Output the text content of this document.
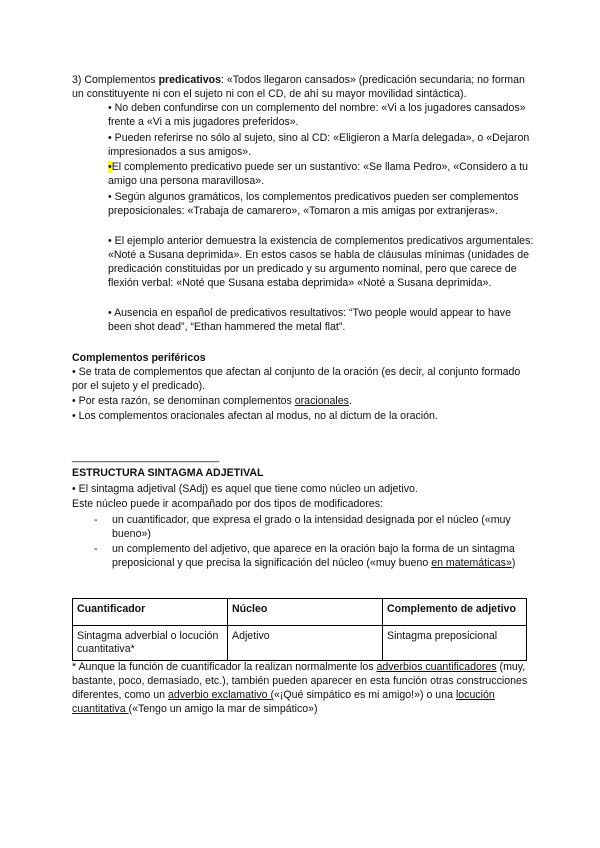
3) Complementos predicativos: «Todos llegaron cansados» (predicación secundaria; no forman un constituyente ni con el sujeto ni con el CD, de ahí su mayor movilidad sintáctica).

• No deben confundirse con un complemento del nombre: «Vi a los jugadores cansados» frente a «Vi a mis jugadores preferidos».

• Pueden referirse no sólo al sujeto, sino al CD: «Eligieron a María delegada», o «Dejaron impresionados a sus amigos».

•El complemento predicativo puede ser un sustantivo: «Se llama Pedro», «Considero a tu amigo una persona maravillosa».

• Según algunos gramáticos, los complementos predicativos pueden ser complementos preposicionales: «Trabaja de camarero», «Tomaron a mis amigas por extranjeras».

• El ejemplo anterior demuestra la existencia de complementos predicativos argumentales: «Noté a Susana deprimida». En estos casos se habla de cláusulas mínimas (unidades de predicación constituidas por un predicado y su argumento nominal, pero que carece de flexión verbal: «Noté que Susana estaba deprimida» «Noté a Susana deprimida».

• Ausencia en español de predicativos resultativos: “Two people would appear to have been shot dead”, “Ethan hammered the metal flat”.

Complementos periféricos

• Se trata de complementos que afectan al conjunto de la oración (es decir, al conjunto formado por el sujeto y el predicado).

• Por esta razón, se denominan complementos oracionales.

• Los complementos oracionales afectan al modus, no al dictum de la oración.

_________________________

ESTRUCTURA SINTAGMA ADJETIVAL

• El sintagma adjetival (SAdj) es aquel que tiene como núcleo un adjetivo.

Este núcleo puede ir acompañado por dos tipos de modificadores:

- un cuantificador, que expresa el grado o la intensidad designada por el núcleo («muy bueno»)

- un complemento del adjetivo, que aparece en la oración bajo la forma de un sintagma preposicional y que precisa la significación del núcleo («muy bueno en matemáticas»)

Cuantificador	Núcleo	Complemento de adjetivo
Sintagma adverbial o locución cuantitativa*	Adjetivo	Sintagma preposicional

* Aunque la función de cuantificador la realizan normalmente los adverbios cuantificadores (muy, bastante, poco, demasiado, etc.), también pueden aparecer en esta función otras construcciones diferentes, como un adverbio exclamativo («¡Qué simpático es mi amigo!») o una locución cuantitativa («Tengo un amigo la mar de simpático»)
